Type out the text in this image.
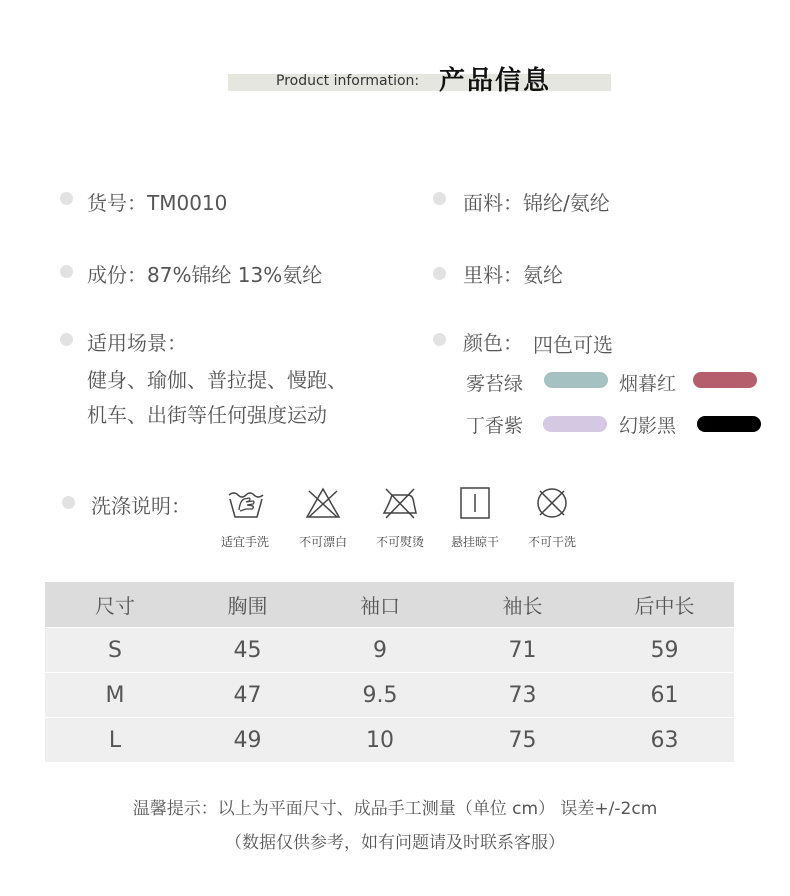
Product information: 产品信息
货号：TM0010
成份：87%锦纶 13%氨纶
适用场景：
健身、瑜伽、普拉提、慢跑、
机车、出街等任何强度运动
面料：锦纶/氨纶
里料：氨纶
颜色： 四色可选
雾苔绿	烟暮红
丁香紫	幻影黑
洗涤说明：
适宜手洗	不可漂白	不可熨烫	悬挂晾干	不可干洗
尺寸	胸围	袖口	袖长	后中长
S	45	9	71	59
M	47	9.5	73	61
L	49	10	75	63
温馨提示：以上为平面尺寸、成品手工测量（单位 cm） 误差+/-2cm
（数据仅供参考，如有问题请及时联系客服）
